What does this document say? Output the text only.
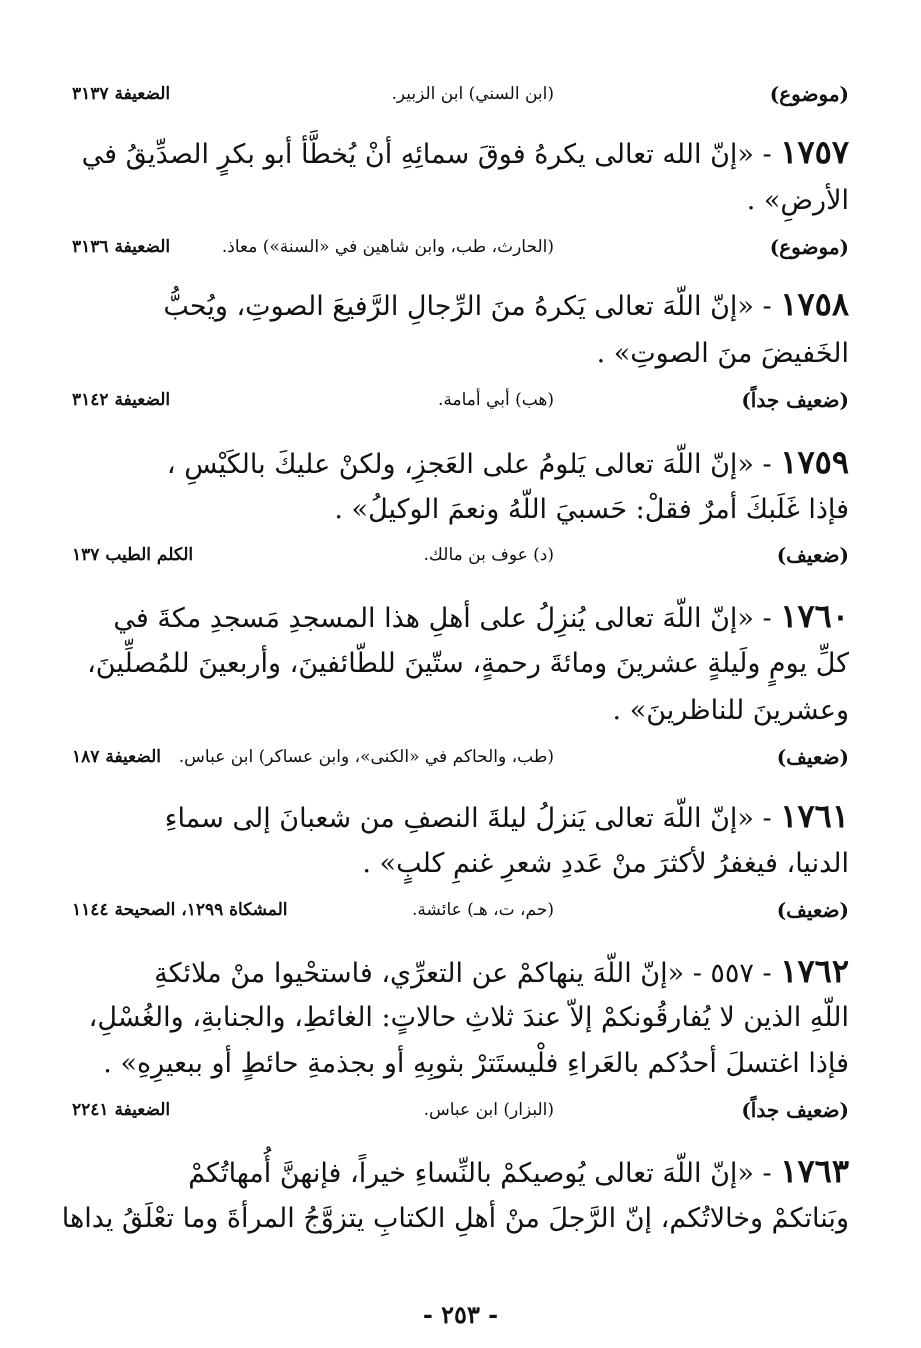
(موضوع)
(ابن السني) ابن الزبير.
الضعيفة ٣١٣٧
١٧٥٧ - «إنّ الله تعالى يكرهُ فوقَ سمائِهِ أنْ يُخطَّأ أبو بكرٍ الصدِّيقُ في
الأرضِ» .
(موضوع)
(الحارث، طب، وابن شاهين في «السنة») معاذ.
الضعيفة ٣١٣٦
١٧٥٨ - «إنّ اللّهَ تعالى يَكرهُ منَ الرِّجالِ الرَّفيعَ الصوتِ، ويُحبُّ
الخَفيضَ منَ الصوتِ» .
(ضعيف جداً)
(هب) أبي أمامة.
الضعيفة ٣١٤٢
١٧٥٩ - «إنّ اللّهَ تعالى يَلومُ على العَجزِ، ولكنْ عليكَ بالكَيْسِ ،
فإذا غَلَبكَ أمرٌ فقلْ: حَسبيَ اللّهُ ونعمَ الوكيلُ» .
(ضعيف)
(د) عوف بن مالك.
الكلم الطيب ١٣٧
١٧٦٠ - «إنّ اللّهَ تعالى يُنزِلُ على أهلِ هذا المسجدِ مَسجدِ مكةَ في
كلِّ يومٍ ولَيلةٍ عشرينَ ومائةَ رحمةٍ، ستّينَ للطّائفينَ، وأربعينَ للمُصلِّينَ،
وعشرينَ للناظرينَ» .
(ضعيف)
(طب، والحاكم في «الكنى»، وابن عساكر) ابن عباس.
الضعيفة ١٨٧
١٧٦١ - «إنّ اللّهَ تعالى يَنزلُ ليلةَ النصفِ من شعبانَ إلى سماءِ
الدنيا، فيغفرُ لأكثرَ منْ عَددِ شعرِ غنمِ كلبٍ» .
(ضعيف)
(حم، ت، هـ) عائشة.
المشكاة ١٢٩٩، الصحيحة ١١٤٤
١٧٦٢ - ٥٥٧ - «إنّ اللّهَ ينهاكمْ عن التعرِّي، فاستحْيوا منْ ملائكةِ
اللّهِ الذين لا يُفارقُونكمْ إلاّ عندَ ثلاثِ حالاتٍ: الغائطِ، والجنابةِ، والغُسْلِ،
فإذا اغتسلَ أحدُكم بالعَراءِ فلْيستَترْ بثوبِهِ أو بجذمةِ حائطٍ أو ببعيرِهِ» .
(ضعيف جداً)
(البزار) ابن عباس.
الضعيفة ٢٢٤١
١٧٦٣ - «إنّ اللّهَ تعالى يُوصيكمْ بالنِّساءِ خيراً، فإنهنَّ أُمهاتُكمْ
وبَناتكمْ وخالاتُكم، إنّ الرَّجلَ منْ أهلِ الكتابِ يتزوَّجُ المرأةَ وما تعْلَقُ يداها
- ٢٥٣ -
